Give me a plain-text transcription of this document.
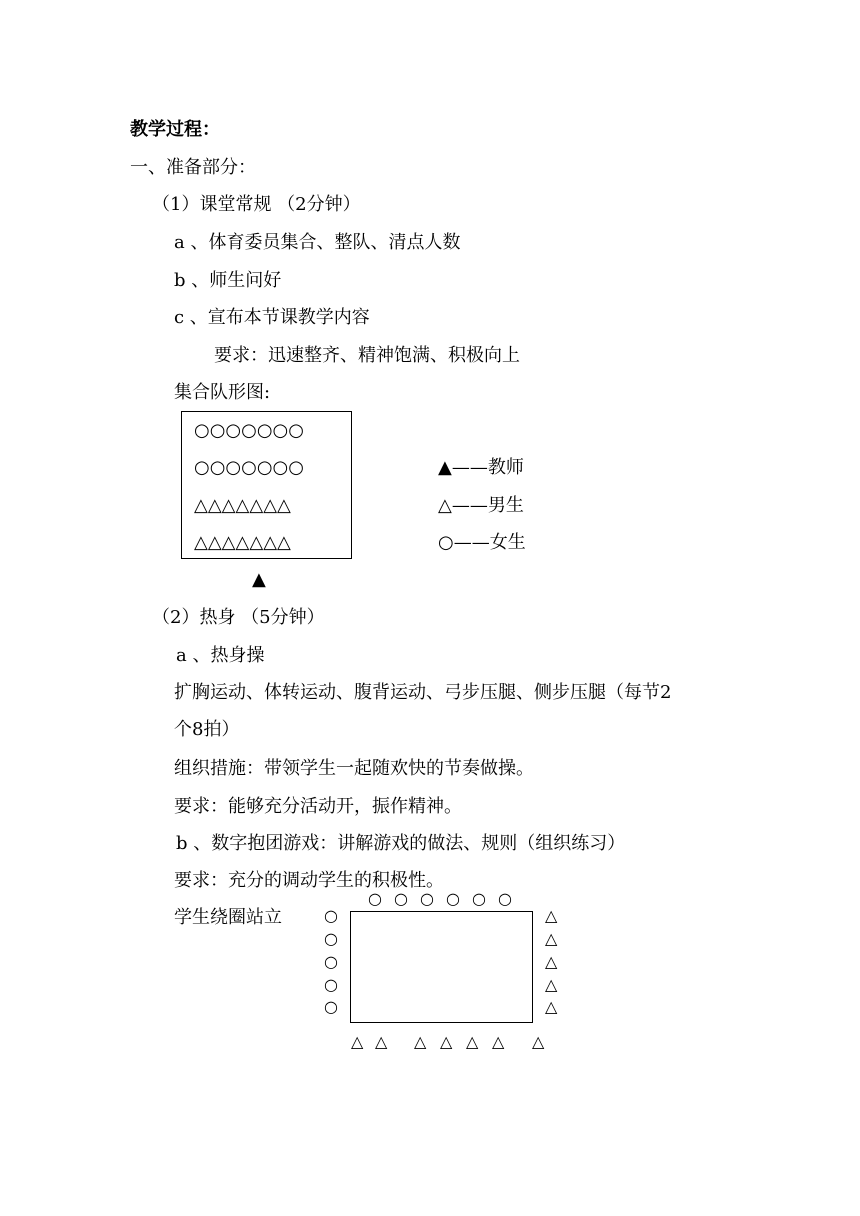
教学过程：
一、准备部分：
（1）课堂常规 （2分钟）
a 、体育委员集合、整队、清点人数
b 、师生问好
c 、宣布本节课教学内容
要求：迅速整齐、精神饱满、积极向上
集合队形图:
○○○○○○○
○○○○○○○
△△△△△△△
△△△△△△△
▲
▲——教师
△——男生
○——女生
（2）热身 （5分钟）
a 、热身操
扩胸运动、体转运动、腹背运动、弓步压腿、侧步压腿（每节2
个8拍）
组织措施：带领学生一起随欢快的节奏做操。
要求：能够充分活动开，振作精神。
b 、数字抱团游戏：讲解游戏的做法、规则（组织练习）
要求：充分的调动学生的积极性。
学生绕圈站立
○ ○ ○ ○ ○ ○
○
○
○
○
○
△
△
△
△
△
△ △ △ △ △ △ △
